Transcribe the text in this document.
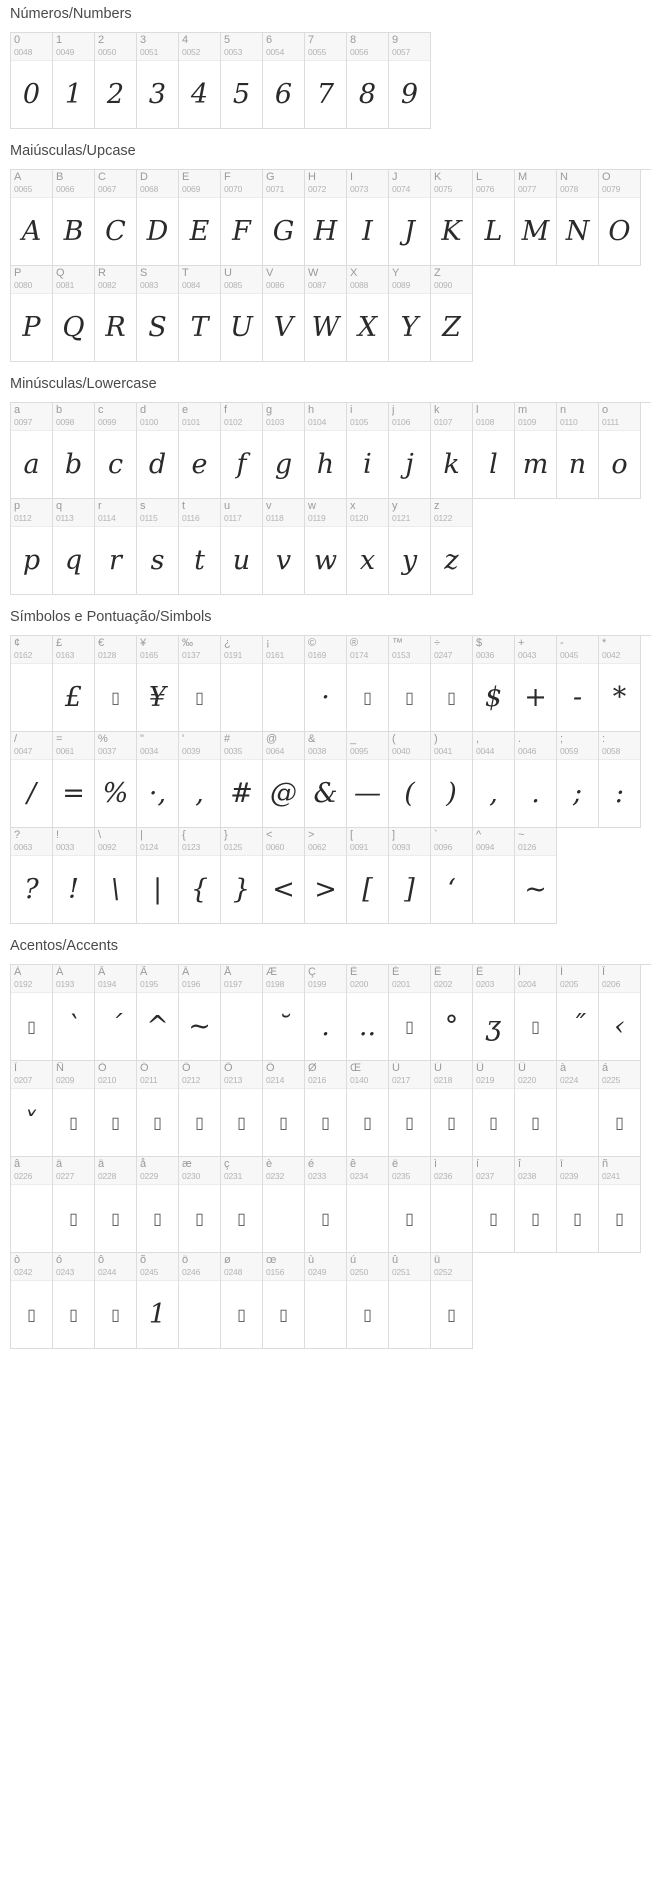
Números/Numbers
0
0048
0
1
0049
1
2
0050
2
3
0051
3
4
0052
4
5
0053
5
6
0054
6
7
0055
7
8
0056
8
9
0057
9
Maiúsculas/Upcase
A
0065
A
B
0066
B
C
0067
C
D
0068
D
E
0069
E
F
0070
F
G
0071
G
H
0072
H
I
0073
I
J
0074
J
K
0075
K
L
0076
L
M
0077
M
N
0078
N
O
0079
O
P
0080
P
Q
0081
Q
R
0082
R
S
0083
S
T
0084
T
U
0085
U
V
0086
V
W
0087
W
X
0088
X
Y
0089
Y
Z
0090
Z
Minúsculas/Lowercase
a
0097
a
b
0098
b
c
0099
c
d
0100
d
e
0101
e
f
0102
f
g
0103
g
h
0104
h
i
0105
i
j
0106
j
k
0107
k
l
0108
l
m
0109
m
n
0110
n
o
0111
o
p
0112
p
q
0113
q
r
0114
r
s
0115
s
t
0116
t
u
0117
u
v
0118
v
w
0119
w
x
0120
x
y
0121
y
z
0122
z
Símbolos e Pontuação/Simbols
¢
0162
£
0163
£
€
0128
▯
¥
0165
¥
‰
0137
▯
¿
0191
¡
0161
©
0169
·
®
0174
▯
™
0153
▯
÷
0247
▯
$
0036
$
+
0043
+
-
0045
-
*
0042
*
/
0047
/
=
0061
=
%
0037
%
"
0034
·,
'
0039
,
#
0035
#
@
0064
@
&
0038
&
_
0095
—
(
0040
(
)
0041
)
,
0044
,
.
0046
.
;
0059
;
:
0058
:
?
0063
?
!
0033
!
\
0092
\
|
0124
|
{
0123
{
}
0125
}
<
0060
<
>
0062
>
[
0091
[
]
0093
]
`
0096
‘
^
0094
~
0126
~
Acentos/Accents
À
0192
▯
Á
0193
`
Â
0194
´
Ã
0195
^
Ä
0196
~
Å
0197
Æ
0198
˘
Ç
0199
.
È
0200
..
É
0201
▯
Ê
0202
°
Ë
0203
ʒ
Ì
0204
▯
Í
0205
˝
Î
0206
‹
Ï
0207
˅
Ñ
0209
▯
Ò
0210
▯
Ó
0211
▯
Ô
0212
▯
Õ
0213
▯
Ö
0214
▯
Ø
0216
▯
Œ
0140
▯
Ù
0217
▯
Ú
0218
▯
Û
0219
▯
Ü
0220
▯
à
0224
á
0225
▯
â
0226
ä
0227
▯
ä
0228
▯
å
0229
▯
æ
0230
▯
ç
0231
▯
è
0232
é
0233
▯
ê
0234
ë
0235
▯
ì
0236
í
0237
▯
î
0238
▯
ï
0239
▯
ñ
0241
▯
ò
0242
▯
ó
0243
▯
ô
0244
▯
õ
0245
1
ö
0246
ø
0248
▯
œ
0156
▯
ù
0249
ú
0250
▯
û
0251
ü
0252
▯
